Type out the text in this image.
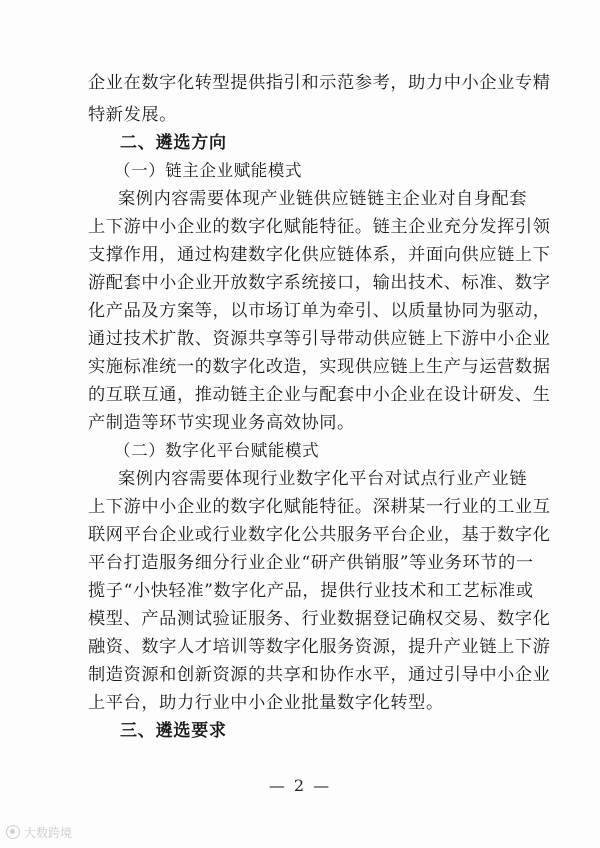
企业在数字化转型提供指引和示范参考，助力中小企业专精
特新发展。
二、遴选方向
（一）链主企业赋能模式
案例内容需要体现产业链供应链链主企业对自身配套
上下游中小企业的数字化赋能特征。链主企业充分发挥引领
支撑作用，通过构建数字化供应链体系，并面向供应链上下
游配套中小企业开放数字系统接口，输出技术、标准、数字
化产品及方案等，以市场订单为牵引、以质量协同为驱动，
通过技术扩散、资源共享等引导带动供应链上下游中小企业
实施标准统一的数字化改造，实现供应链上生产与运营数据
的互联互通，推动链主企业与配套中小企业在设计研发、生
产制造等环节实现业务高效协同。
（二）数字化平台赋能模式
案例内容需要体现行业数字化平台对试点行业产业链
上下游中小企业的数字化赋能特征。深耕某一行业的工业互
联网平台企业或行业数字化公共服务平台企业，基于数字化
平台打造服务细分行业企业“研产供销服”等业务环节的一
揽子“小快轻准”数字化产品，提供行业技术和工艺标准或
模型、产品测试验证服务、行业数据登记确权交易、数字化
融资、数字人才培训等数字化服务资源，提升产业链上下游
制造资源和创新资源的共享和协作水平，通过引导中小企业
上平台，助力行业中小企业批量数字化转型。
三、遴选要求
— 2 —
大数跨境
